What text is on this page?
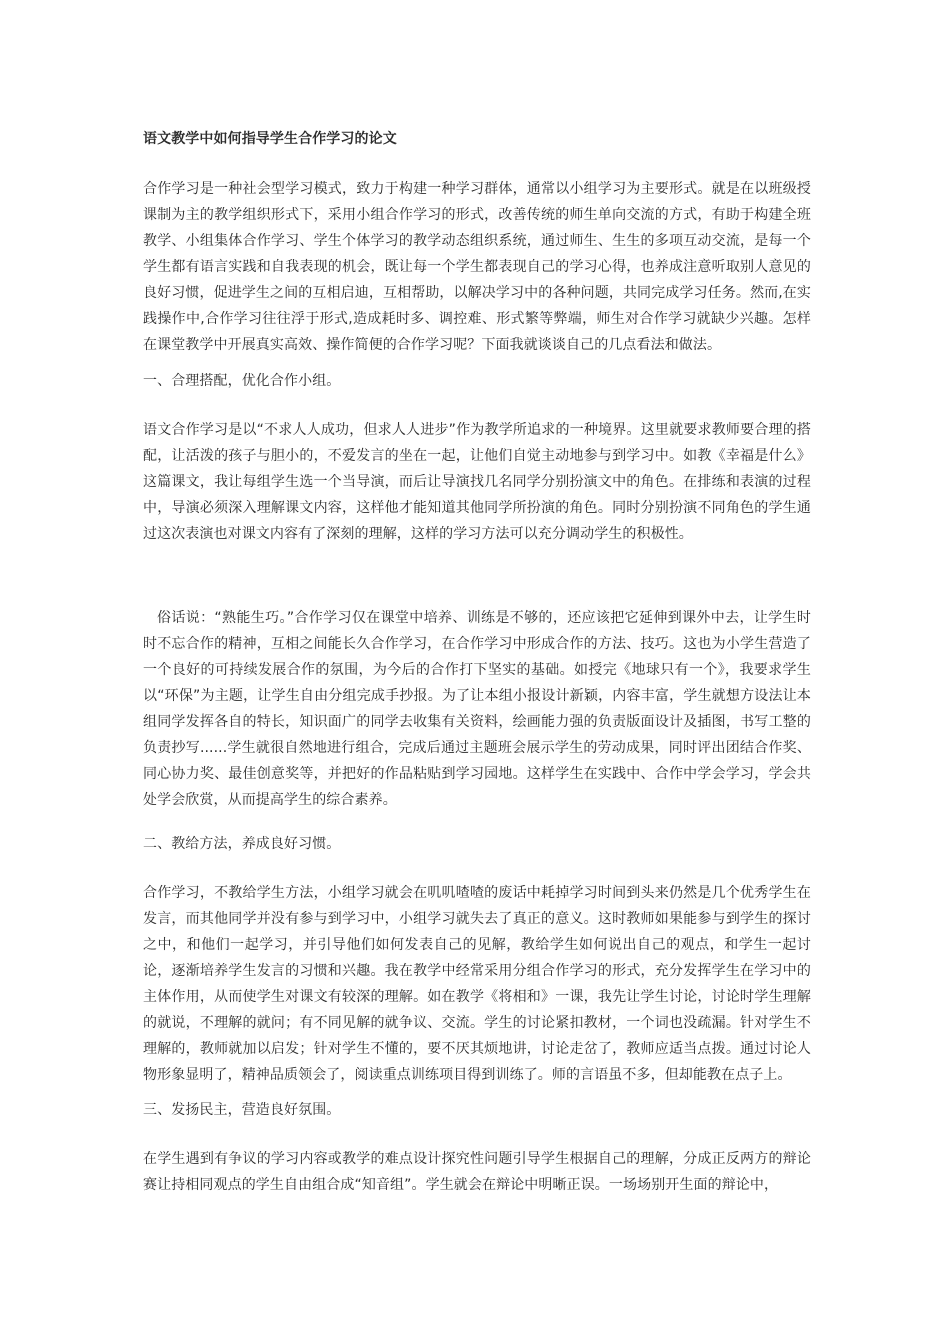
语文教学中如何指导学生合作学习的论文
合作学习是一种社会型学习模式，致力于构建一种学习群体，通常以小组学习为主要形式。就是在以班级授课制为主的教学组织形式下，采用小组合作学习的形式，改善传统的师生单向交流的方式，有助于构建全班教学、小组集体合作学习、学生个体学习的教学动态组织系统，通过师生、生生的多项互动交流，是每一个学生都有语言实践和自我表现的机会，既让每一个学生都表现自己的学习心得，也养成注意听取别人意见的良好习惯，促进学生之间的互相启迪，互相帮助，以解决学习中的各种问题，共同完成学习任务。然而,在实践操作中,合作学习往往浮于形式,造成耗时多、调控难、形式繁等弊端，师生对合作学习就缺少兴趣。怎样在课堂教学中开展真实高效、操作简便的合作学习呢？下面我就谈谈自己的几点看法和做法。
一、合理搭配，优化合作小组。
语文合作学习是以“不求人人成功，但求人人进步”作为教学所追求的一种境界。这里就要求教师要合理的搭配，让活泼的孩子与胆小的，不爱发言的坐在一起，让他们自觉主动地参与到学习中。如教《幸福是什么》这篇课文，我让每组学生选一个当导演，而后让导演找几名同学分别扮演文中的角色。在排练和表演的过程中，导演必须深入理解课文内容，这样他才能知道其他同学所扮演的角色。同时分别扮演不同角色的学生通过这次表演也对课文内容有了深刻的理解，这样的学习方法可以充分调动学生的积极性。
俗话说：“熟能生巧。”合作学习仅在课堂中培养、训练是不够的，还应该把它延伸到课外中去，让学生时时不忘合作的精神，互相之间能长久合作学习，在合作学习中形成合作的方法、技巧。这也为小学生营造了一个良好的可持续发展合作的氛围，为今后的合作打下坚实的基础。如授完《地球只有一个》，我要求学生以“环保”为主题，让学生自由分组完成手抄报。为了让本组小报设计新颖，内容丰富，学生就想方设法让本组同学发挥各自的特长，知识面广的同学去收集有关资料，绘画能力强的负责版面设计及插图，书写工整的负责抄写......学生就很自然地进行组合，完成后通过主题班会展示学生的劳动成果，同时评出团结合作奖、同心协力奖、最佳创意奖等，并把好的作品粘贴到学习园地。这样学生在实践中、合作中学会学习，学会共处学会欣赏，从而提高学生的综合素养。
二、教给方法，养成良好习惯。
合作学习，不教给学生方法，小组学习就会在叽叽喳喳的废话中耗掉学习时间到头来仍然是几个优秀学生在发言，而其他同学并没有参与到学习中，小组学习就失去了真正的意义。这时教师如果能参与到学生的探讨之中，和他们一起学习，并引导他们如何发表自己的见解，教给学生如何说出自己的观点，和学生一起讨论，逐渐培养学生发言的习惯和兴趣。我在教学中经常采用分组合作学习的形式，充分发挥学生在学习中的主体作用，从而使学生对课文有较深的理解。如在教学《将相和》一课，我先让学生讨论，讨论时学生理解的就说，不理解的就问；有不同见解的就争议、交流。学生的讨论紧扣教材，一个词也没疏漏。针对学生不理解的，教师就加以启发；针对学生不懂的，要不厌其烦地讲，讨论走岔了，教师应适当点拨。通过讨论人物形象显明了，精神品质领会了，阅读重点训练项目得到训练了。师的言语虽不多，但却能教在点子上。
三、发扬民主，营造良好氛围。
在学生遇到有争议的学习内容或教学的难点设计探究性问题引导学生根据自己的理解，分成正反两方的辩论赛让持相同观点的学生自由组合成“知音组”。学生就会在辩论中明晰正误。一场场别开生面的辩论中，
